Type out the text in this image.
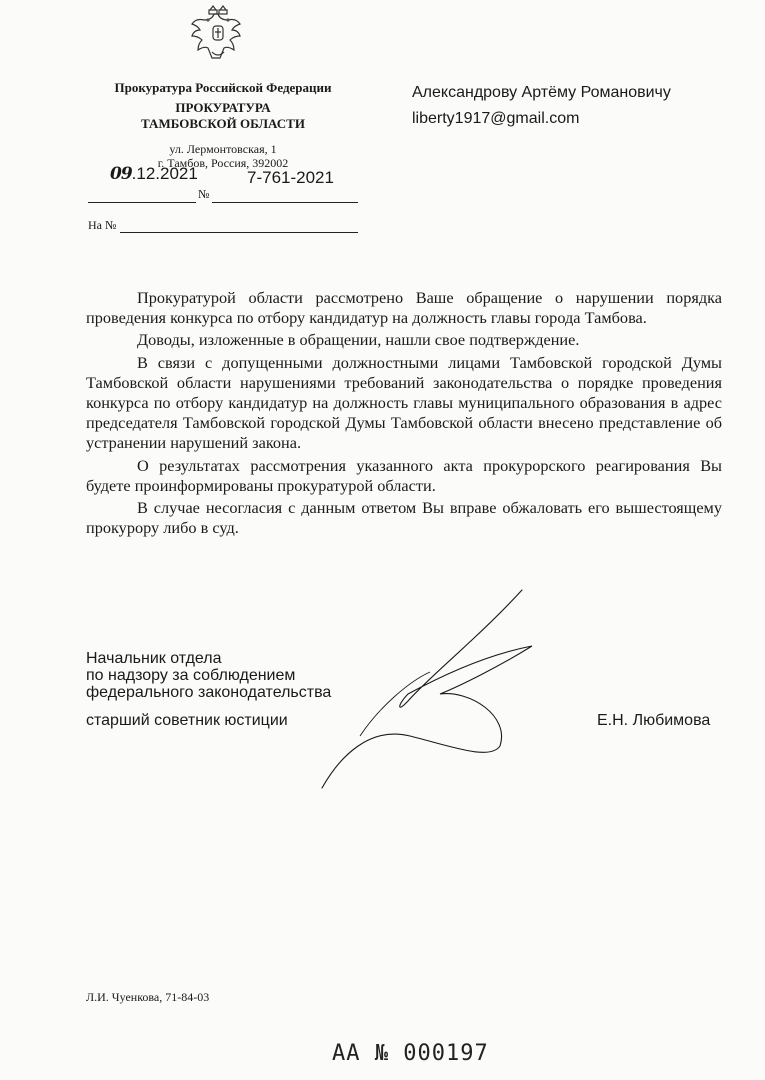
Прокуратура Российской Федерации
ПРОКУРАТУРА
ТАМБОВСКОЙ ОБЛАСТИ
ул. Лермонтовская, 1
г. Тамбов, Россия, 392002
09.12.2021	7-761-2021
№
На №
Александрову Артёму Романовичу
liberty1917@gmail.com

Прокуратурой области рассмотрено Ваше обращение о нарушении порядка проведения конкурса по отбору кандидатур на должность главы города Тамбова.

Доводы, изложенные в обращении, нашли свое подтверждение.

В связи с допущенными должностными лицами Тамбовской городской Думы Тамбовской области нарушениями требований законодательства о порядке проведения конкурса по отбору кандидатур на должность главы муниципального образования в адрес председателя Тамбовской городской Думы Тамбовской области внесено представление об устранении нарушений закона.

О результатах рассмотрения указанного акта прокурорского реагирования Вы будете проинформированы прокуратурой области.

В случае несогласия с данным ответом Вы вправе обжаловать его вышестоящему прокурору либо в суд.

Начальник отдела
по надзору за соблюдением
федерального законодательства
старший советник юстиции	Е.Н. Любимова
Л.И. Чуенкова, 71-84-03
АА № 000197
